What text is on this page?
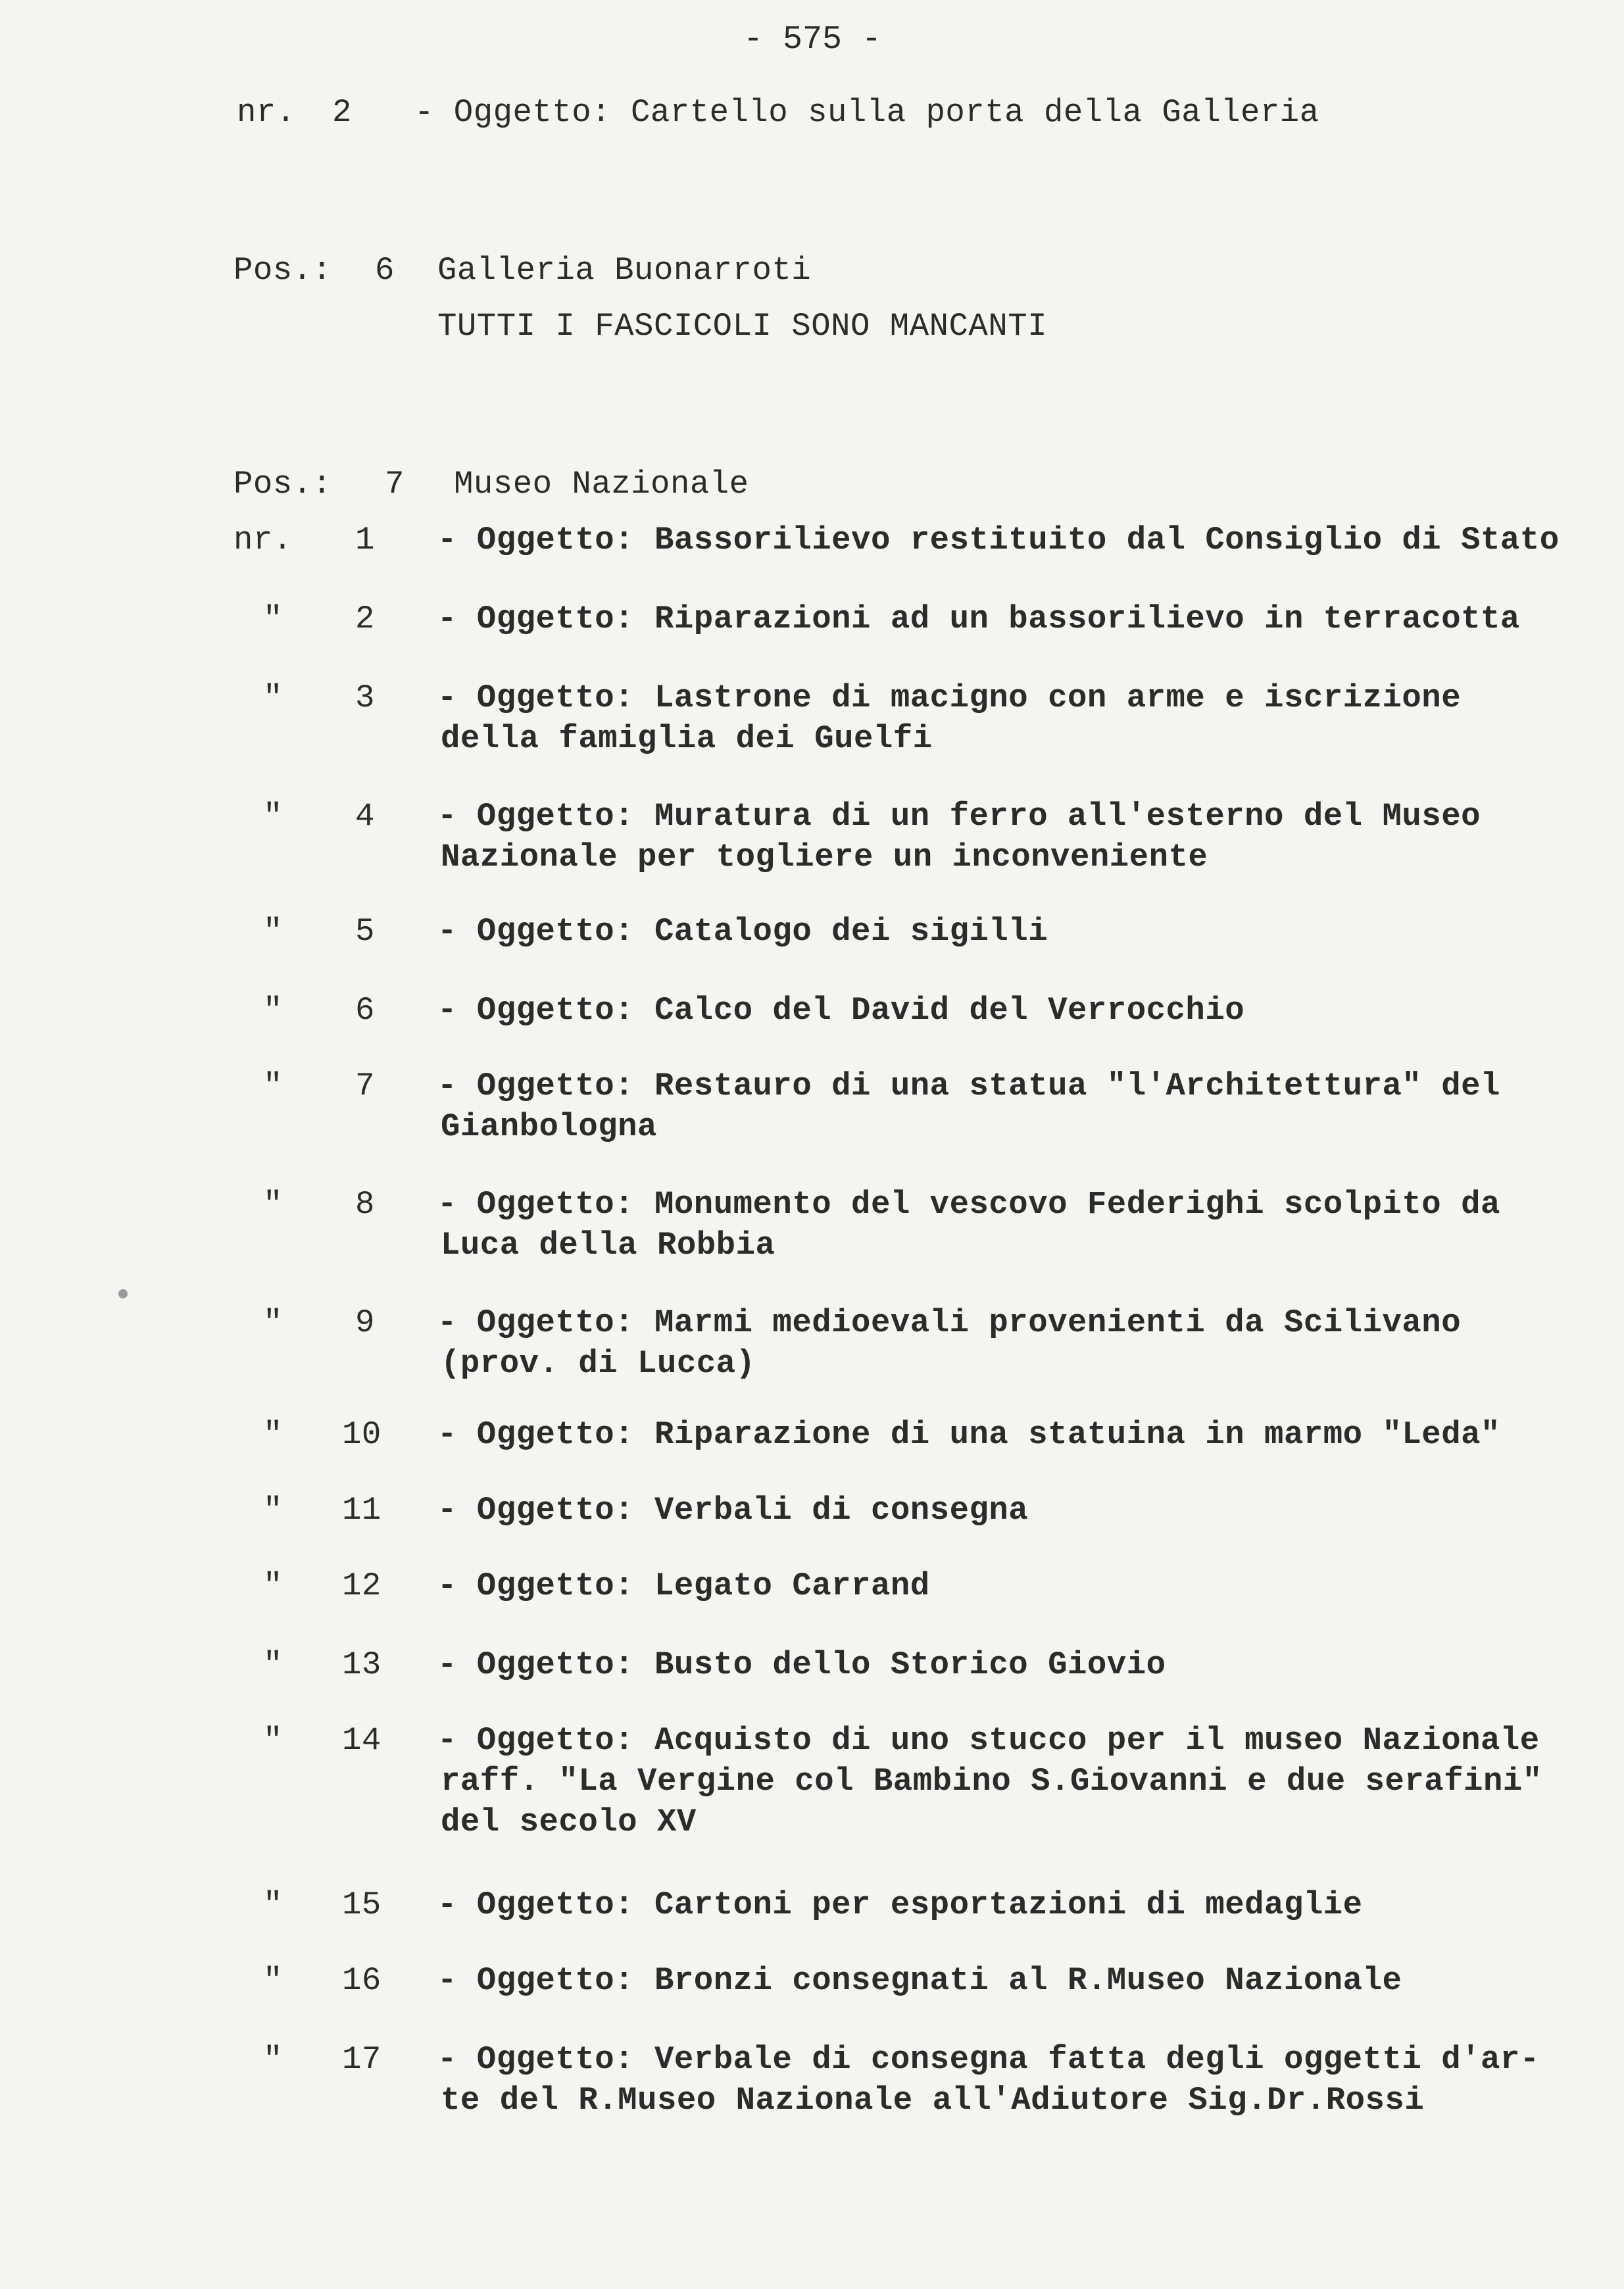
- 575 -
nr. 2 - Oggetto: Cartello sulla porta della Galleria
Pos.: 6 Galleria Buonarroti
TUTTI I FASCICOLI SONO MANCANTI
Pos.: 7 Museo Nazionale
nr. 1 - Oggetto: Bassorilievo restituito dal Consiglio di Stato
" 2 - Oggetto: Riparazioni ad un bassorilievo in terracotta
" 3 - Oggetto: Lastrone di macigno con arme e iscrizione
della famiglia dei Guelfi
" 4 - Oggetto: Muratura di un ferro all'esterno del Museo
Nazionale per togliere un inconveniente
" 5 - Oggetto: Catalogo dei sigilli
" 6 - Oggetto: Calco del David del Verrocchio
" 7 - Oggetto: Restauro di una statua "l'Architettura" del
Gianbologna
" 8 - Oggetto: Monumento del vescovo Federighi scolpito da
Luca della Robbia
" 9 - Oggetto: Marmi medioevali provenienti da Scilivano
(prov. di Lucca)
" 10 - Oggetto: Riparazione di una statuina in marmo "Leda"
" 11 - Oggetto: Verbali di consegna
" 12 - Oggetto: Legato Carrand
" 13 - Oggetto: Busto dello Storico Giovio
" 14 - Oggetto: Acquisto di uno stucco per il museo Nazionale
raff. "La Vergine col Bambino S.Giovanni e due serafini"
del secolo XV
" 15 - Oggetto: Cartoni per esportazioni di medaglie
" 16 - Oggetto: Bronzi consegnati al R.Museo Nazionale
" 17 - Oggetto: Verbale di consegna fatta degli oggetti d'ar-
te del R.Museo Nazionale all'Adiutore Sig.Dr.Rossi
